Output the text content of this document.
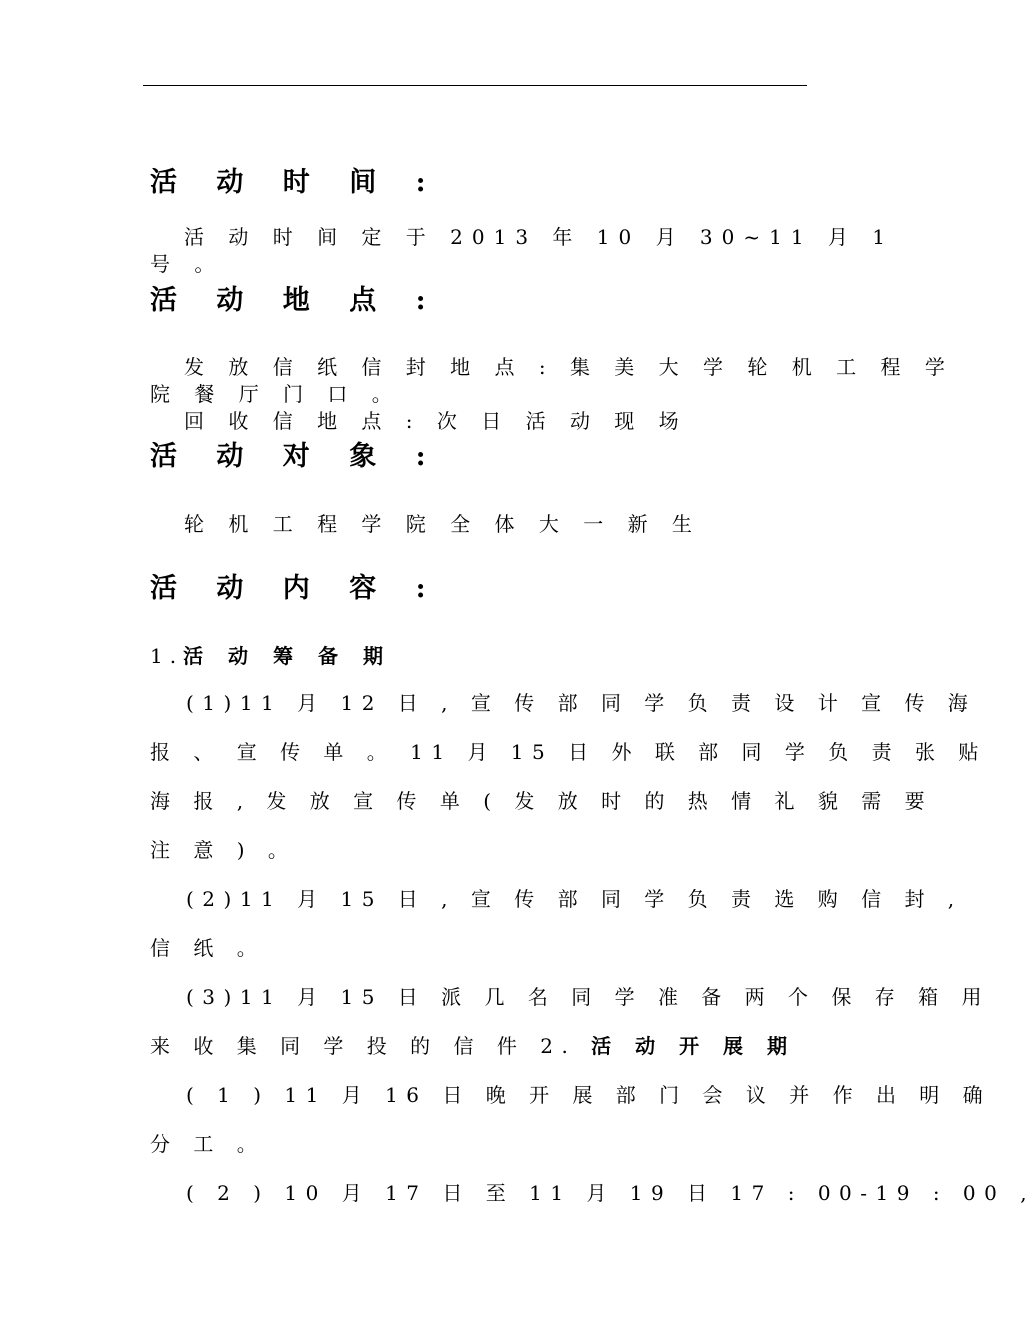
活 动 时 间 :
活 动 时 间 定 于 2013 年 10 月 30~11 月 1
号 。
活 动 地 点 :
发 放 信 纸 信 封 地 点 : 集 美 大 学 轮 机 工 程 学
院 餐 厅 门 口 。
回 收 信 地 点 : 次 日 活 动 现 场
活 动 对 象 :
轮 机 工 程 学 院 全 体 大 一 新 生
活 动 内 容 :
1.活 动 筹 备 期
(1)11 月 12 日 , 宣 传 部 同 学 负 责 设 计 宣 传 海
报 、 宣 传 单 。 11 月 15 日 外 联 部 同 学 负 责 张 贴
海 报 , 发 放 宣 传 单 ( 发 放 时 的 热 情 礼 貌 需 要
注 意 ) 。
(2)11 月 15 日 , 宣 传 部 同 学 负 责 选 购 信 封 ,
信 纸 。
(3)11 月 15 日 派 几 名 同 学 准 备 两 个 保 存 箱 用
来 收 集 同 学 投 的 信 件 2. 活 动 开 展 期
( 1 ) 11 月 16 日 晚 开 展 部 门 会 议 并 作 出 明 确
分 工 。
( 2 ) 10 月 17 日 至 11 月 19 日 17 : 00-19 : 00 ,
